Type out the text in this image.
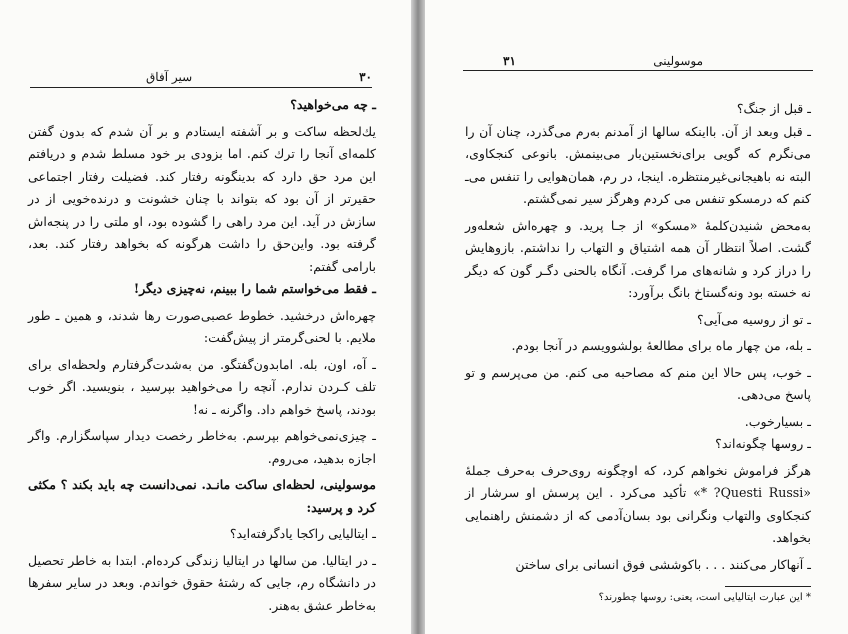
۳۰
سیر آفاق

ـ چه می‌خواهید؟

یك‌لحظه ساکت و بر آشفته ایستادم و بر آن شدم که بدون گفتن کلمه‌ای آنجا را ترك کنم. اما بزودی بر خود مسلط شدم و دریافتم این مرد حق دارد که بدینگونه رفتار کند. فضیلت رفتار اجتماعی حقیرتر از آن بود که بتواند با چنان خشونت و درنده‌خویی از در سازش در آید. این مرد راهی را گشوده بود، او ملتی را در پنجه‌اش گرفته بود. وا‌ین‌حق را داشت هرگونه که بخواهد رفتار کند. بعد، با‌رامی گفتم:

ـ فقط می‌خواستم شما را ببینم، نه‌چیزی دیگر!

چهره‌اش درخشید. خطوط عصبی‌صورت رها شدند، و همین ـ طور ملایم. با لحنی‌گرمتر از پیش‌گفت:

ـ آه، اون، بله. امابدون‌گفتگو. من به‌شدت‌گرفتارم ولحظه‌ای برای تلف کـردن ندارم. آنچه را می‌خواهید بپرسید ، بنویسید. اگر خوب بودند، پاسخ خواهم داد. وا‌گرنه‌ ـ نه!

ـ چیزی‌نمی‌خواهم بپرسم. به‌خاطر رخصت دیدار سپاسگزارم. واگر اجازه بدهید، می‌روم.

موسولینی، لحظه‌ای ساکت مانـد. نمی‌دانست چه باید بکند ؟ مکثی کرد و پرسید:

ـ ایتالیایی راکجا یادگرفته‌اید؟

ـ در ایتالیا. من سالها در ایتالیا زندگی کرده‌ام. ابتدا به خاطر تحصیل در دانشگاه رم، جایی که رشتهٔ حقوق خواندم. وبعد در سایر سفرها به‌خاطر عشق به‌هنر.

۳۱	موسولینی

ـ قبل از جنگ؟

ـ قبل وبعد از آن. بااینکه سالها از آمدنم به‌رم می‌گذرد، چنان آن را می‌نگرم که گویی برای‌نخستین‌بار می‌بینمش. با‌نوعی کنجکاوی، البته نه باهیجانی‌غیرمنتظره. اینجا، در رم، همان‌هوایی را تنفس می‌ـ کنم که درمسکو تنفس می کردم وهرگز سیر نمی‌گشتم.

به‌محض شنیدن‌کلمهٔ «مسکو» از جـا پرید. و چهره‌اش شعله‌ور گشت. اصلاً انتظار آن همه اشتیاق و التهاب را نداشتم. بازوهایش را دراز کرد و شانه‌های مرا گرفت. آنگاه با‌لحنی دگـر گون که دیگر نه خسته بود ونه‌گستاخ بانگ‌ برآورد:

ـ تو از روسیه می‌آیی؟

ـ بله، من چهار ماه برای مطالعهٔ بولشوویسم در آنجا بودم.

ـ خوب، پس حالا این منم که مصاحبه می کنم. من می‌پرسم و تو پاسخ می‌دهی.

ـ بسیارخوب.

ـ روسها چگونه‌اند؟

هرگز فراموش نخواهم کرد، که او‌چگونه روی‌حرف به‌حرف جملهٔ «Questi Russi? *» تأکید می‌کرد . این پرسش او سرشار از کنجکاوی والتهاب ونگرانی بود بسان‌آدمی که از دشمنش راهنمایی بخواهد.

ـ آنهاکار می‌کنند . . . باکوششی فوق انسانی برای ساختن

* این عبارت ایتالیایی است، یعنی: روسها چطورند؟
